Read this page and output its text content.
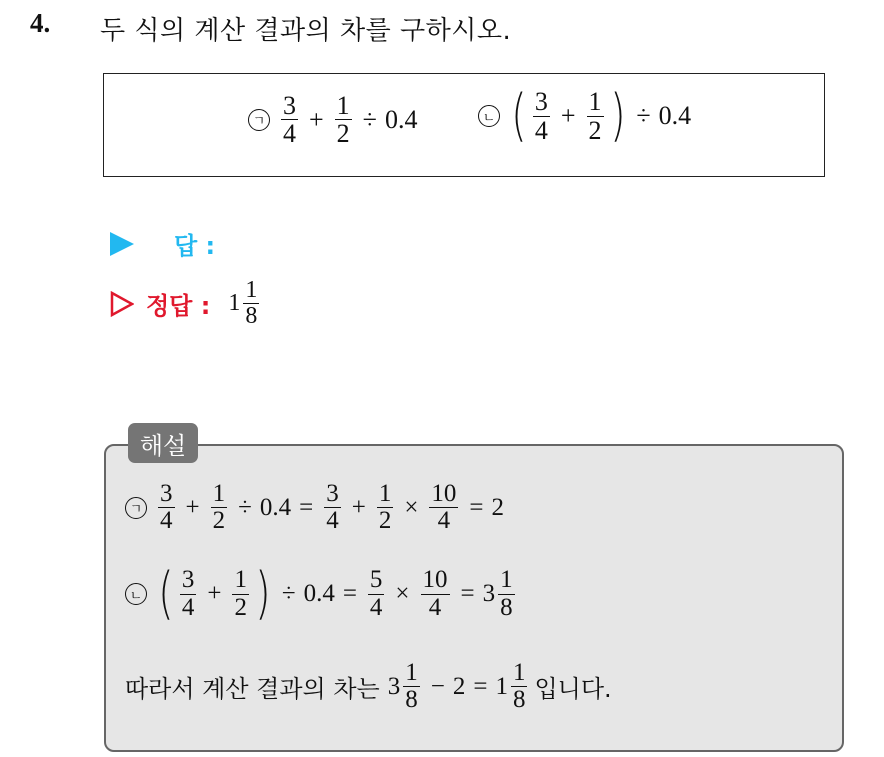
4. 두 식의 계산 결과의 차를 구하시오.
ㄱ $\frac{3}{4} + \frac{1}{2} \div 0.4$	ㄴ ( $\frac{3}{4} + \frac{1}{2}$ ) ÷ 0.4
답 :
정답 : $1 \frac{1}{8}$
해설
ㄱ $\frac{3}{4} + \frac{1}{2} \div 0.4 = \frac{3}{4} + \frac{1}{2} \times \frac{10}{4} = 2$
ㄴ ( $\frac{3}{4} + \frac{1}{2}$ ) ÷ $0.4 = \frac{5}{4} \times \frac{10}{4} = 3 \frac{1}{8}$
따라서 계산 결과의 차는 $3 \frac{1}{8} - 2 = 1 \frac{1}{8}$ 입니다.
